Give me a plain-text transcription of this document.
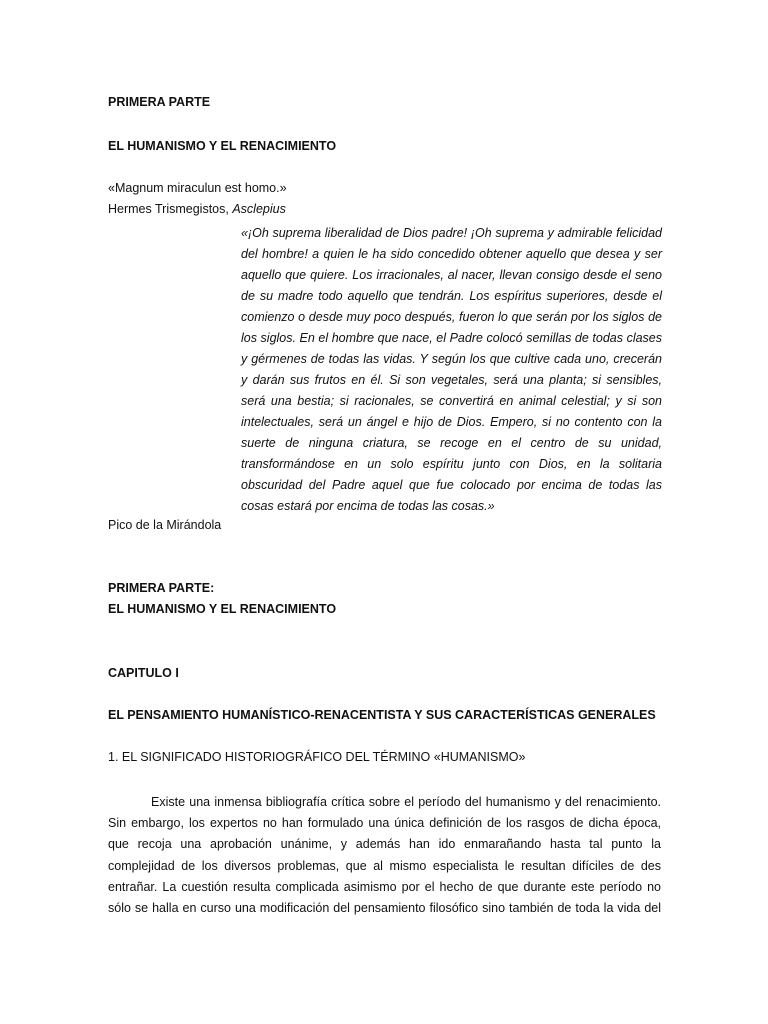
PRIMERA PARTE
EL HUMANISMO Y EL RENACIMIENTO
«Magnum miraculun est homo.»
Hermes Trismegistos, Asclepius
«¡Oh suprema liberalidad de Dios padre! ¡Oh suprema y admirable felicidad
del hombre! a quien le ha sido concedido obtener aquello que desea y ser
aquello que quiere. Los irracionales, al nacer, llevan consigo desde el seno
de su madre todo aquello que tendrán. Los espíritus superiores, desde el
comienzo o desde muy poco después, fueron lo que serán por los siglos de
los siglos. En el hombre que nace, el Padre colocó semillas de todas clases
y gérmenes de todas las vidas. Y según los que cultive cada uno, crecerán
y darán sus frutos en él. Si son vegetales, será una planta; si sensibles,
será una bestia; si racionales, se convertirá en animal celestial; y si son
intelectuales, será un ángel e hijo de Dios. Empero, si no contento con la
suerte de ninguna criatura, se recoge en el centro de su unidad,
transformándose en un solo espíritu junto con Dios, en la solitaria
obscuridad del Padre aquel que fue colocado por encima de todas las
cosas estará por encima de todas las cosas.»
Pico de la Mirándola
PRIMERA PARTE:
EL HUMANISMO Y EL RENACIMIENTO
CAPITULO I
EL PENSAMIENTO HUMANÍSTICO-RENACENTISTA Y SUS CARACTERÍSTICAS GENERALES
1. EL SIGNIFICADO HISTORIOGRÁFICO DEL TÉRMINO «HUMANISMO»
Existe una inmensa bibliografía crítica sobre el período del humanismo y del renacimiento.
Sin embargo, los expertos no han formulado una única definición de los rasgos de dicha época,
que recoja una aprobación unánime, y además han ido enmarañando hasta tal punto la
complejidad de los diversos problemas, que al mismo especialista le resultan difíciles de des
entrañar. La cuestión resulta complicada asimismo por el hecho de que durante este período no
sólo se halla en curso una modificación del pensamiento filosófico sino también de toda la vida del
